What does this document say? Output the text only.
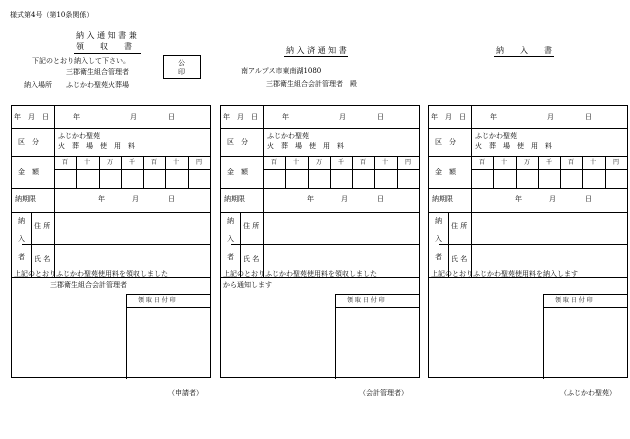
様式第4号（第10条関係）
納 入 通 知 書 兼
領　　収　　書
下記のとおり納入して下さい。
三郡衛生組合管理者
納入場所 ふじかわ聖苑火葬場
公
印
納 入 済 通 知 書
南アルプス市東南湖1080
三郡衛生組合会計管理者　殿
納　　入　　書
年　月　日	年	月	日
区　分
ふじかわ聖苑
火　葬　場　使　用　料
金　額
百	十	万	千	百	十	円
納期限	年	月	日
納
入
者
住 所
氏 名
上記のとおりふじかわ聖苑使用料を領収しました
三郡衛生組合会計管理者
領 取 日 付 印
（申請者）
年　月　日	年	月	日
区　分
ふじかわ聖苑
火　葬　場　使　用　料
金　額
百	十	万	千	百	十	円
納期限	年	月	日
納
入
者
住 所
氏 名
上記のとおりふじかわ聖苑使用料を領収しました
から通知します
領 取 日 付 印
（会計管理者）
年　月　日	年	月	日
区　分
ふじかわ聖苑
火　葬　場　使　用　料
金　額
百	十	万	千	百	十	円
納期限	年	月	日
納
入
者
住 所
氏 名
上記のとおりふじかわ聖苑使用料を納入します
領 取 日 付 印
（ふじかわ聖苑）
